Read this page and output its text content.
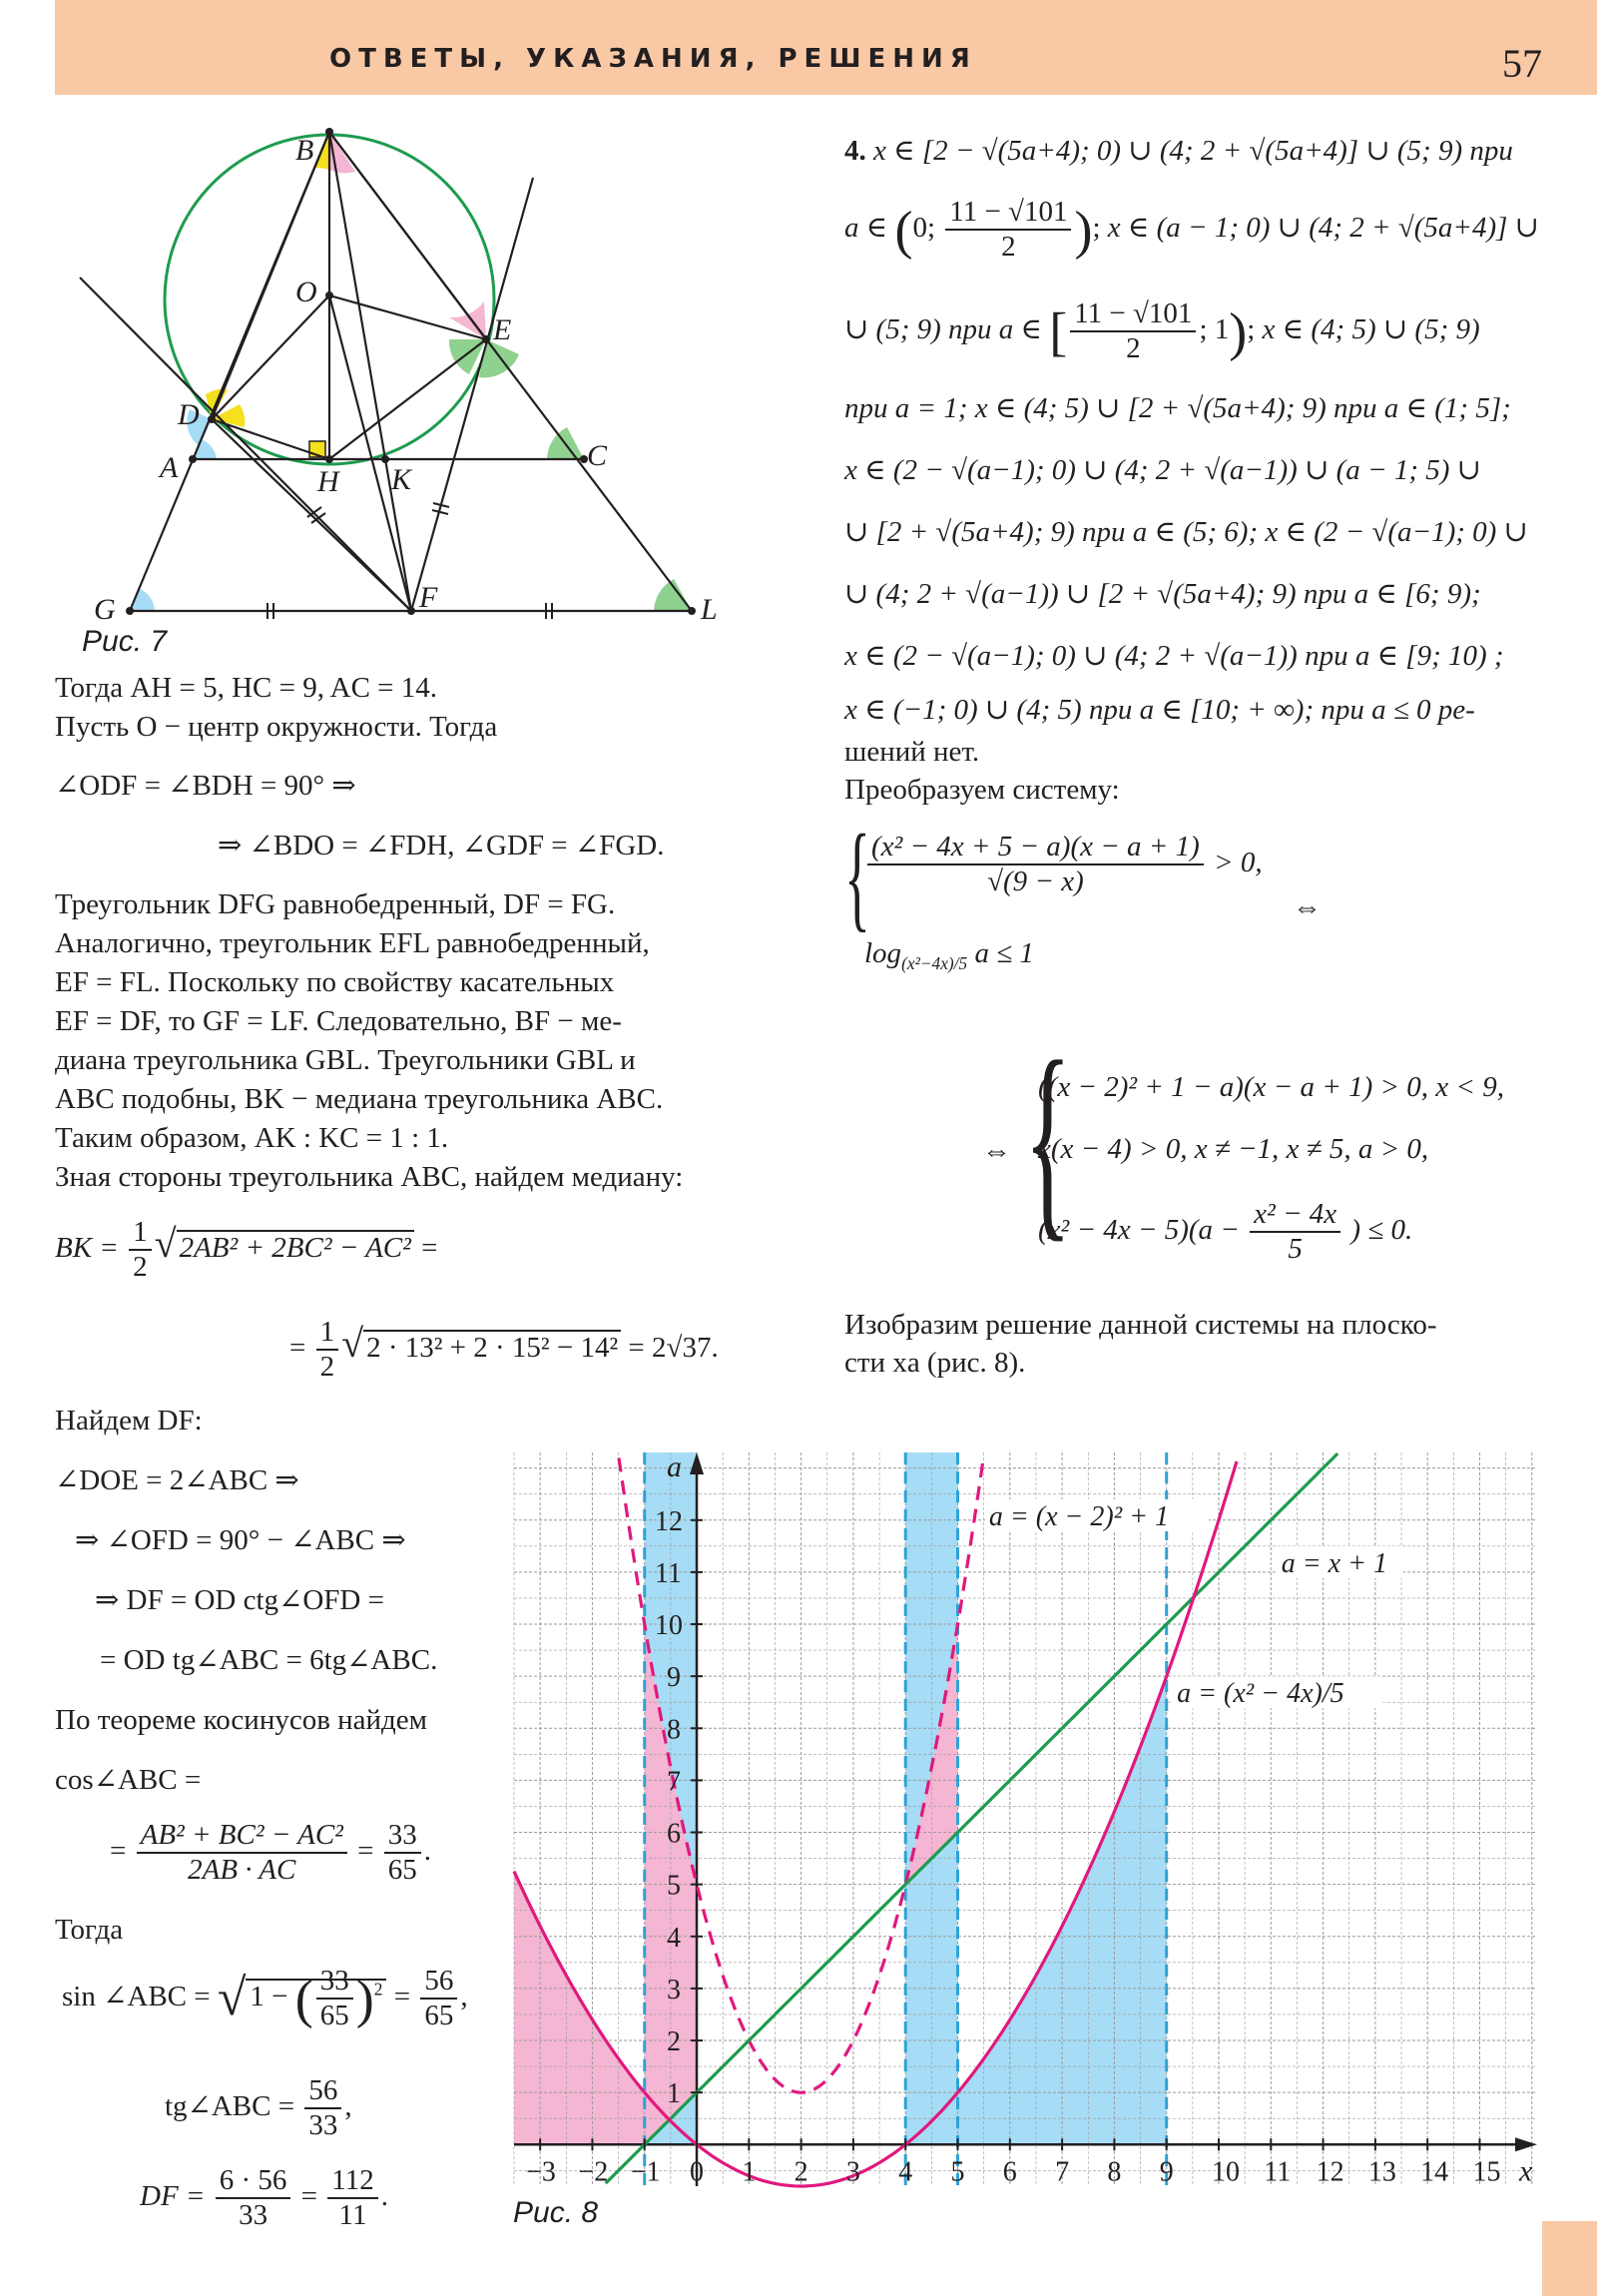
ОТВЕТЫ, УКАЗАНИЯ, РЕШЕНИЯ	57
B
O
E
D
A	H K
C
G	F	L
Рис. 7
Тогда AH = 5, HC = 9, AC = 14.
Пусть O − центр окружности. Тогда
∠ODF = ∠BDH = 90° ⇒
⇒ ∠BDO = ∠FDH, ∠GDF = ∠FGD.
Треугольник DFG равнобедренный, DF = FG.
Аналогично, треугольник EFL равнобедренный,
EF = FL. Поскольку по свойству касательных
EF = DF, то GF = LF. Следовательно, BF − ме-
диана треугольника GBL. Треугольники GBL и
ABC подобны, BK − медиана треугольника ABC.
Таким образом, AK : KC = 1 : 1.
Зная стороны треугольника ABC, найдем медиану:
BK = $\frac{1}{2}$ √ 2AB² + 2BC² − AC² =
= $\frac{1}{2}$ √ 2 · 13² + 2 · 15² − 14² = 2√37.
Найдем DF:
∠DOE = 2∠ABC ⇒
⇒ ∠OFD = 90° − ∠ABC ⇒
⇒ DF = OD ctg∠OFD =
= OD tg∠ABC = 6tg∠ABC.
По теореме косинусов найдем
cos∠ABC =
= $\frac{\text{AB² + BC² − AC²}}{2AB \cdot AC} = \frac{33}{65}$ .
Тогда
sin ∠ABC = √ 1 − ( $\frac{33}{65} )^2 = \frac{56}{65}$ ,
tg∠ABC = $\frac{56}{33}$ ,
DF = $\frac{6 \cdot 56}{33} = \frac{112}{11}$ .
4. x ∈ [2 − √(5a+4); 0) ∪ (4; 2 + √(5a+4)] ∪ (5; 9) при
a ∈ (0; $\frac{11 - √101}{2}$ ); x ∈ (a − 1; 0) ∪ (4; 2 + √(5a+4)] ∪
∪ (5; 9) при a ∈ [ $\frac{11 - √101}{2}$ ; 1); x ∈ (4; 5) ∪ (5; 9)
при a = 1; x ∈ (4; 5) ∪ [2 + √(5a+4); 9) при a ∈ (1; 5];
x ∈ (2 − √(a−1); 0) ∪ (4; 2 + √(a−1)) ∪ (a − 1; 5) ∪
∪ [2 + √(5a+4); 9) при a ∈ (5; 6); x ∈ (2 − √(a−1); 0) ∪
∪ (4; 2 + √(a−1)) ∪ [2 + √(5a+4); 9) при a ∈ [6; 9);
x ∈ (2 − √(a−1); 0) ∪ (4; 2 + √(a−1)) при a ∈ [9; 10) ;
x ∈ (−1; 0) ∪ (4; 5) при a ∈ [10; + ∞); при a ≤ 0 ре-
шений нет.
Преобразуем систему:
{
$\frac{\text{(x² − 4x + 5 − a)(x − a + 1)}}{√(9 - x)} > 0$,
$\log_{(x^2-4x)/5} a \le 1$
⇔
⇔ {
((x − 2)² + 1 − a)(x − a + 1) > 0, x < 9,
x(x − 4) > 0, x ≠ −1, x ≠ 5, a > 0,
$(x^2 - 4x - 5)(a - \frac{\text{x² − 4x}}{5}$ ) ≤ 0.
Изобразим решение данной системы на плоско-
сти xa (рис. 8).
−3 −2 −1 0 1 2 3 4 5 6 7 8 9 10 11 12 13 14 15
1
2
3
4
5
6
7
8
9
10
11
12
x
a
a = (x − 2)² + 1
a = x + 1
a = (x² − 4x)/5
Рис. 8
